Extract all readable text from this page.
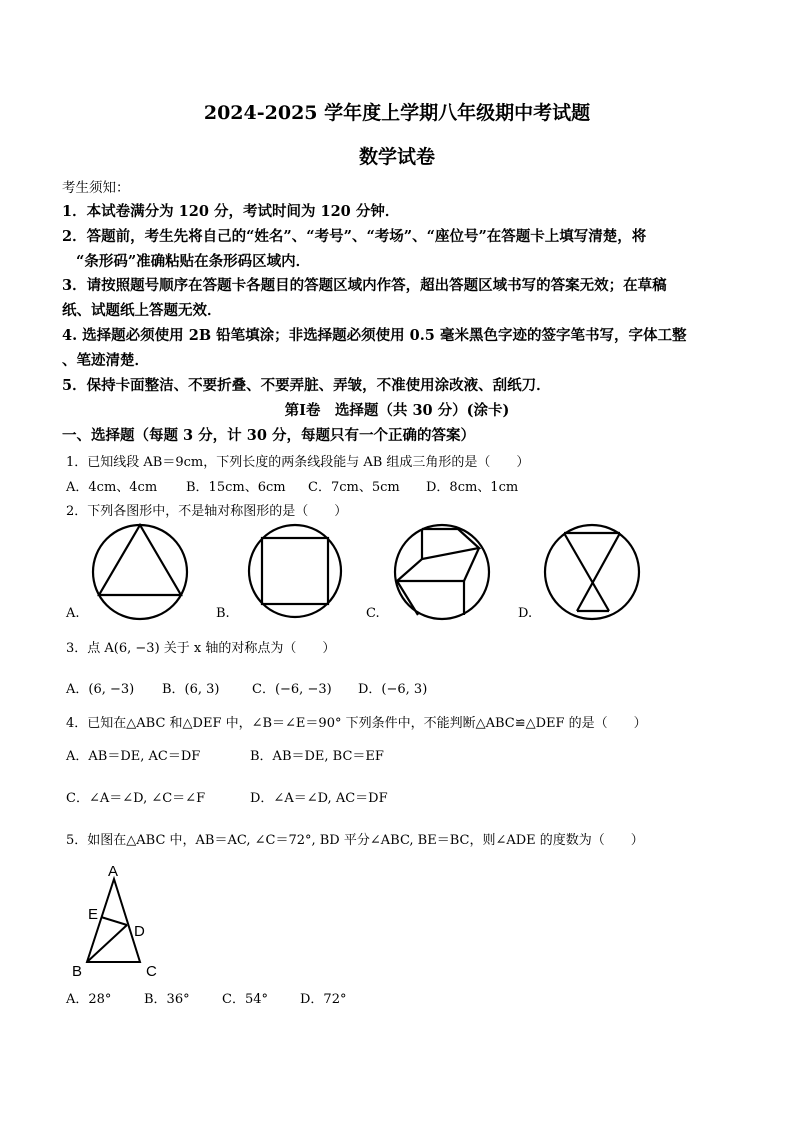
2024-2025 学年度上学期八年级期中考试题
数学试卷
考生须知：
1．本试卷满分为 120 分，考试时间为 120 分钟．
2．答题前，考生先将自己的“姓名”、“考号”、“考场”、“座位号”在答题卡上填写清楚，将
“条形码”准确粘贴在条形码区域内．
3．请按照题号顺序在答题卡各题目的答题区域内作答，超出答题区域书写的答案无效；在草稿
纸、试题纸上答题无效．
4. 选择题必须使用 2B 铅笔填涂；非选择题必须使用 0.5 毫米黑色字迹的签字笔书写，字体工整
、笔迹清楚．
5．保持卡面整洁、不要折叠、不要弄脏、弄皱，不准使用涂改液、刮纸刀．
第Ⅰ卷　选择题（共 30 分）(涂卡)
一、选择题（每题 3 分，计 30 分，每题只有一个正确的答案）
1．已知线段 AB＝9cm，下列长度的两条线段能与 AB 组成三角形的是（　　）
A．4cm、4cm B．15cm、6cm C．7cm、5cm D．8cm、1cm
2．下列各图形中，不是轴对称图形的是（　　）
A.	B.	C.	D.
3．点 A(6, −3) 关于 x 轴的对称点为（　　）
A．(6, −3) B．(6, 3) C．(−6, −3) D．(−6, 3)
4．已知在△ABC 和△DEF 中，∠B＝∠E＝90° 下列条件中，不能判断△ABC≌△DEF 的是（　　）
A．AB＝DE, AC＝DF	B．AB＝DE, BC＝EF
C．∠A＝∠D, ∠C＝∠F	D．∠A＝∠D, AC＝DF
5．如图在△ABC 中，AB＝AC, ∠C＝72°, BD 平分∠ABC, BE＝BC，则∠ADE 的度数为（　　）
A
E
D
B	C
A．28°	B．36° C．54° D．72°
